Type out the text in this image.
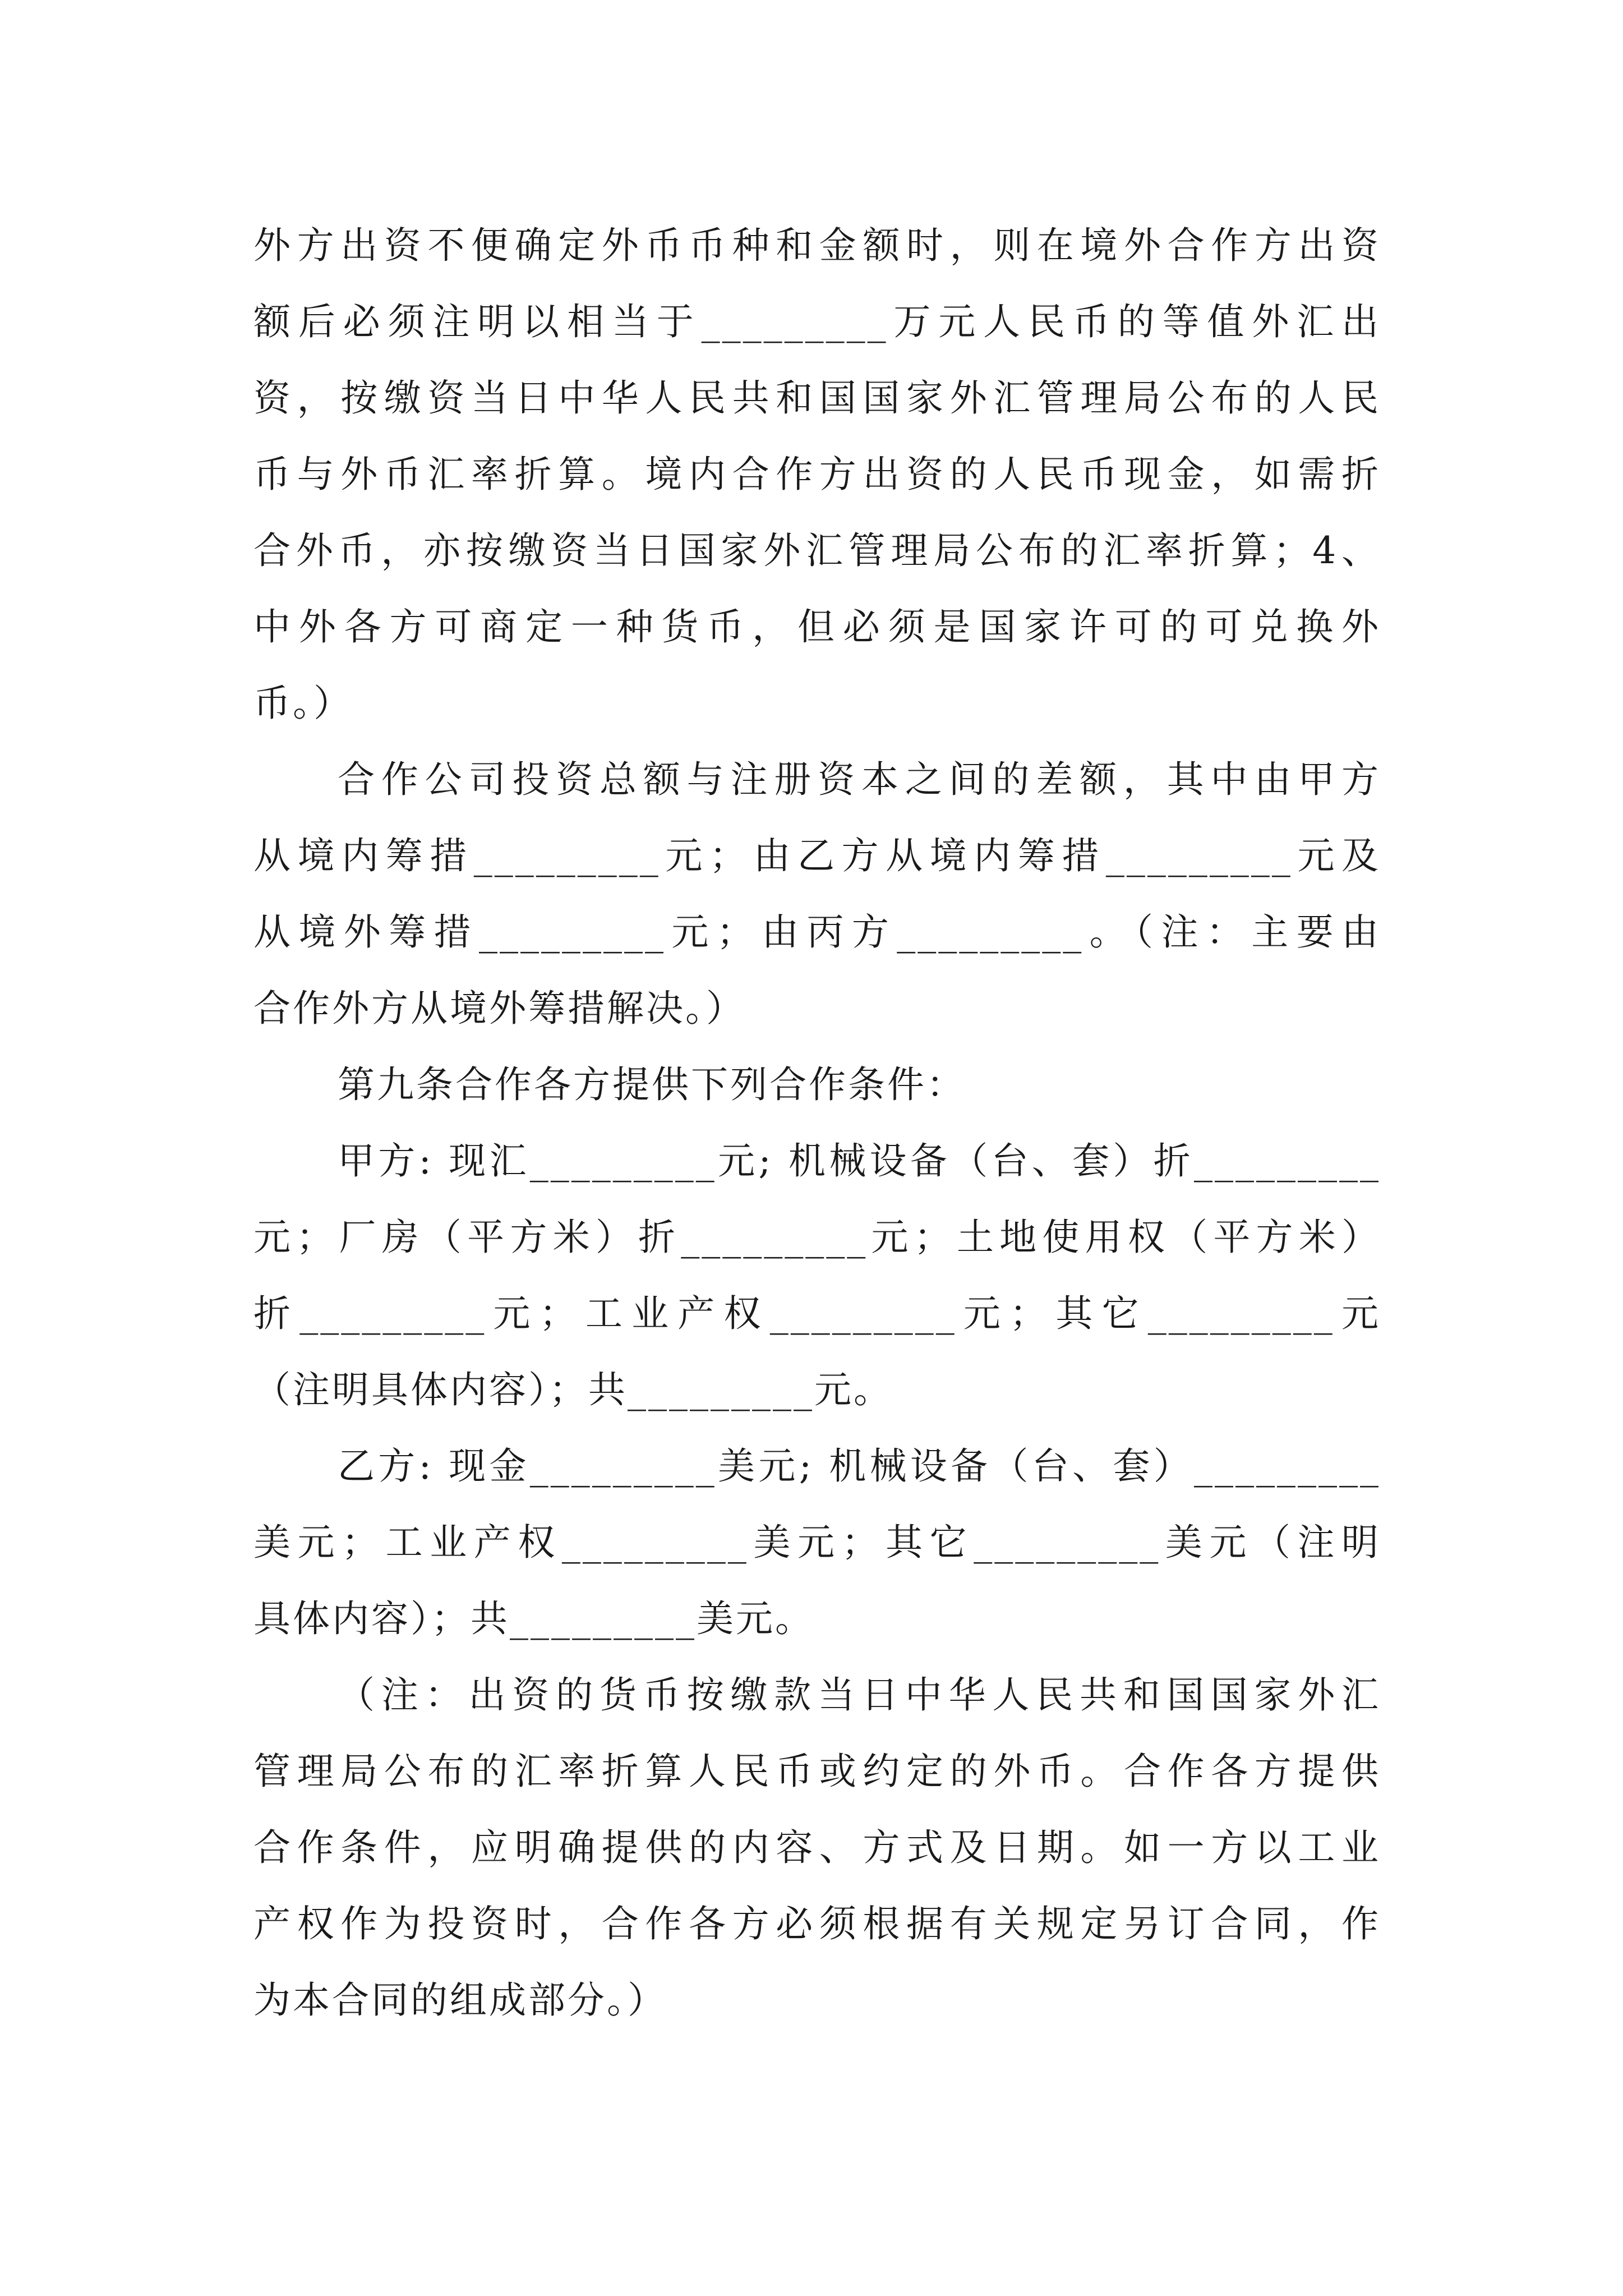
外方出资不便确定外币币种和金额时，则在境外合作方出资
额后必须注明以相当于_________万元人民币的等值外汇出
资，按缴资当日中华人民共和国国家外汇管理局公布的人民
币与外币汇率折算。境内合作方出资的人民币现金，如需折
合外币，亦按缴资当日国家外汇管理局公布的汇率折算；4、
中外各方可商定一种货币，但必须是国家许可的可兑换外
币。）
合作公司投资总额与注册资本之间的差额，其中由甲方
从境内筹措_________元；由乙方从境内筹措_________元及
从境外筹措_________元；由丙方_________。（注：主要由
合作外方从境外筹措解决。）
第九条合作各方提供下列合作条件：
甲方: 现汇_________元; 机械设备（台、套）折_________
元；厂房（平方米）折_________元；土地使用权（平方米）
折_________元；工业产权_________元；其它_________元
（注明具体内容）；共_________元。
乙方: 现金_________美元; 机械设备（台、套）_________
美元；工业产权_________美元；其它_________美元（注明
具体内容）；共_________美元。
（注：出资的货币按缴款当日中华人民共和国国家外汇
管理局公布的汇率折算人民币或约定的外币。合作各方提供
合作条件，应明确提供的内容、方式及日期。如一方以工业
产权作为投资时，合作各方必须根据有关规定另订合同，作
为本合同的组成部分。）
